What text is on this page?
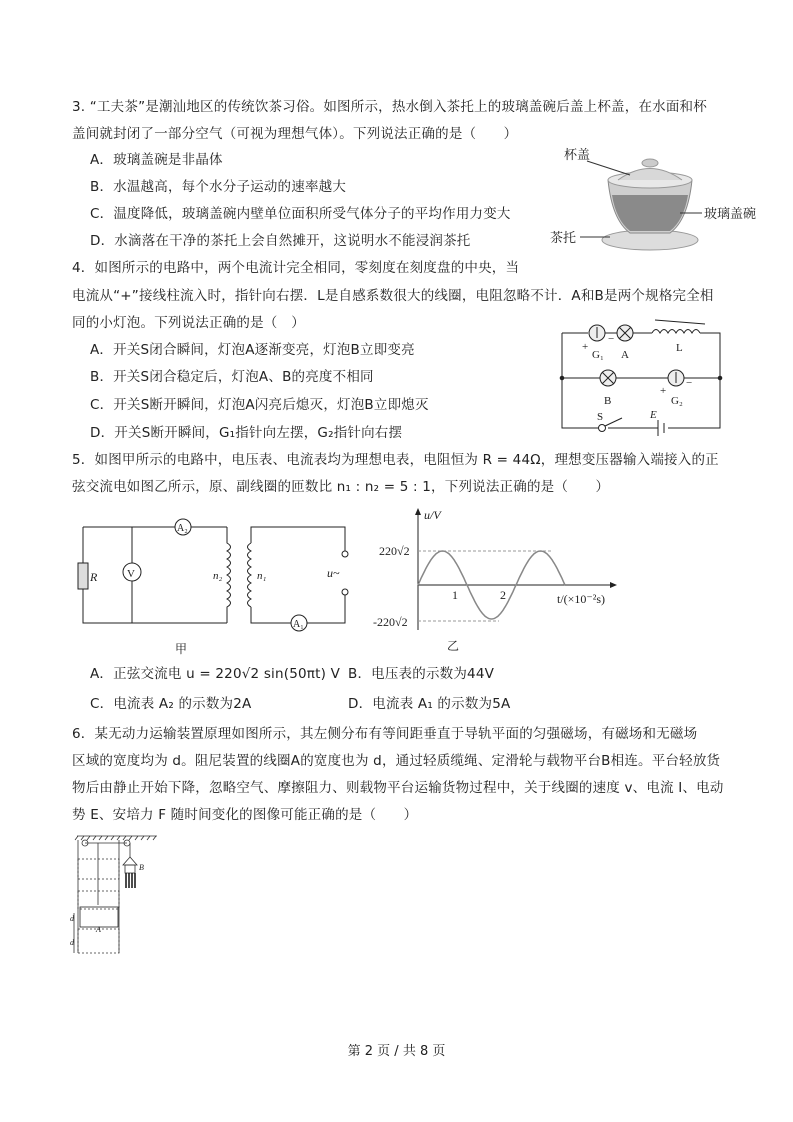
3. “工夫茶”是潮汕地区的传统饮茶习俗。如图所示，热水倒入茶托上的玻璃盖碗后盖上杯盖，在水面和杯
盖间就封闭了一部分空气（可视为理想气体）。下列说法正确的是（　　）
A．玻璃盖碗是非晶体
B．水温越高，每个水分子运动的速率越大
C．温度降低，玻璃盖碗内壁单位面积所受气体分子的平均作用力变大
D．水滴落在干净的茶托上会自然摊开，这说明水不能浸润茶托
杯盖
玻璃盖碗
茶托
4．如图所示的电路中，两个电流计完全相同，零刻度在刻度盘的中央，当
电流从“+”接线柱流入时，指针向右摆．L是自感系数很大的线圈，电阻忽略不计．A和B是两个规格完全相
同的小灯泡。下列说法正确的是（　）
A．开关S闭合瞬间，灯泡A逐渐变亮，灯泡B立即变亮
B．开关S闭合稳定后，灯泡A、B的亮度不相同
C．开关S断开瞬间，灯泡A闪亮后熄灭，灯泡B立即熄灭
D．开关S断开瞬间，G₁指针向左摆，G₂指针向右摆
+
−
G₁ A
L
B
+
−
G₂
S	E
5．如图甲所示的电路中，电压表、电流表均为理想电表，电阻恒为 R = 44Ω，理想变压器输入端接入的正
弦交流电如图乙所示，原、副线圈的匝数比 n₁ : n₂ = 5 : 1，下列说法正确的是（　　）
R	V
A₂
A₁
n₂	n₁	u~
甲
u/V
220√2
-220√2
1	2	t/(×10⁻²s)
乙
A．正弦交流电 u = 220√2 sin(50πt) V B．电压表的示数为44V
C．电流表 A₂ 的示数为2A	D．电流表 A₁ 的示数为5A
6．某无动力运输装置原理如图所示，其左侧分布有等间距垂直于导轨平面的匀强磁场，有磁场和无磁场
区域的宽度均为 d。阻尼装置的线圈A的宽度也为 d，通过轻质缆绳、定滑轮与载物平台B相连。平台轻放货
物后由静止开始下降，忽略空气、摩擦阻力、则载物平台运输货物过程中，关于线圈的速度 v、电流 I、电动
势 E、安培力 F 随时间变化的图像可能正确的是（　　）
B
A
d
d
第 2 页 / 共 8 页
